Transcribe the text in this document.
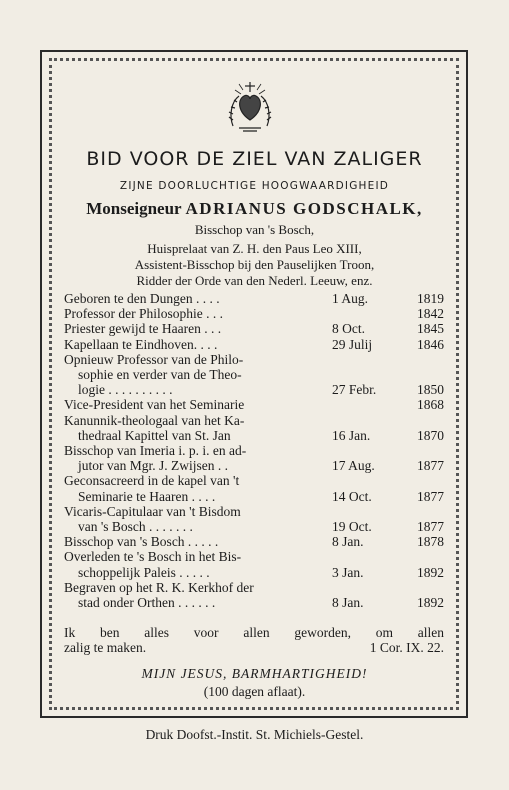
BID VOOR DE ZIEL VAN ZALIGER
ZIJNE DOORLUCHTIGE HOOGWAARDIGHEID
Monseigneur ADRIANUS GODSCHALK,
Bisschop van 's Bosch,
Huisprelaat van Z. H. den Paus Leo XIII,
Assistent-Bisschop bij den Pauselijken Troon,
Ridder der Orde van den Nederl. Leeuw, enz.
Geboren te den Dungen . . . .	1 Aug.	1819
Professor der Philosophie . . .	1842
Priester gewijd te Haaren . . .	8 Oct.	1845
Kapellaan te Eindhoven. . . .	29 Julij	1846
Opnieuw Professor van de Philo-
sophie en verder van de Theo-
logie . . . . . . . . . .	27 Febr.	1850
Vice-President van het Seminarie	1868
Kanunnik-theologaal van het Ka-
thedraal Kapittel van St. Jan	16 Jan.	1870
Bisschop van Imeria i. p. i. en ad-
jutor van Mgr. J. Zwijsen . .	17 Aug.	1877
Geconsacreerd in de kapel van 't
Seminarie te Haaren . . . .	14 Oct.	1877
Vicaris-Capitulaar van 't Bisdom
van 's Bosch . . . . . . .	19 Oct.	1877
Bisschop van 's Bosch . . . . .	8 Jan.	1878
Overleden te 's Bosch in het Bis-
schoppelijk Paleis . . . . .	3 Jan.	1892
Begraven op het R. K. Kerkhof der
stad onder Orthen . . . . . .	8 Jan.	1892
Ik ben alles voor allen geworden, om allen
zalig te maken.	1 Cor. IX. 22.
MIJN JESUS, BARMHARTIGHEID!
(100 dagen aflaat).
Druk Doofst.-Instit. St. Michiels-Gestel.
